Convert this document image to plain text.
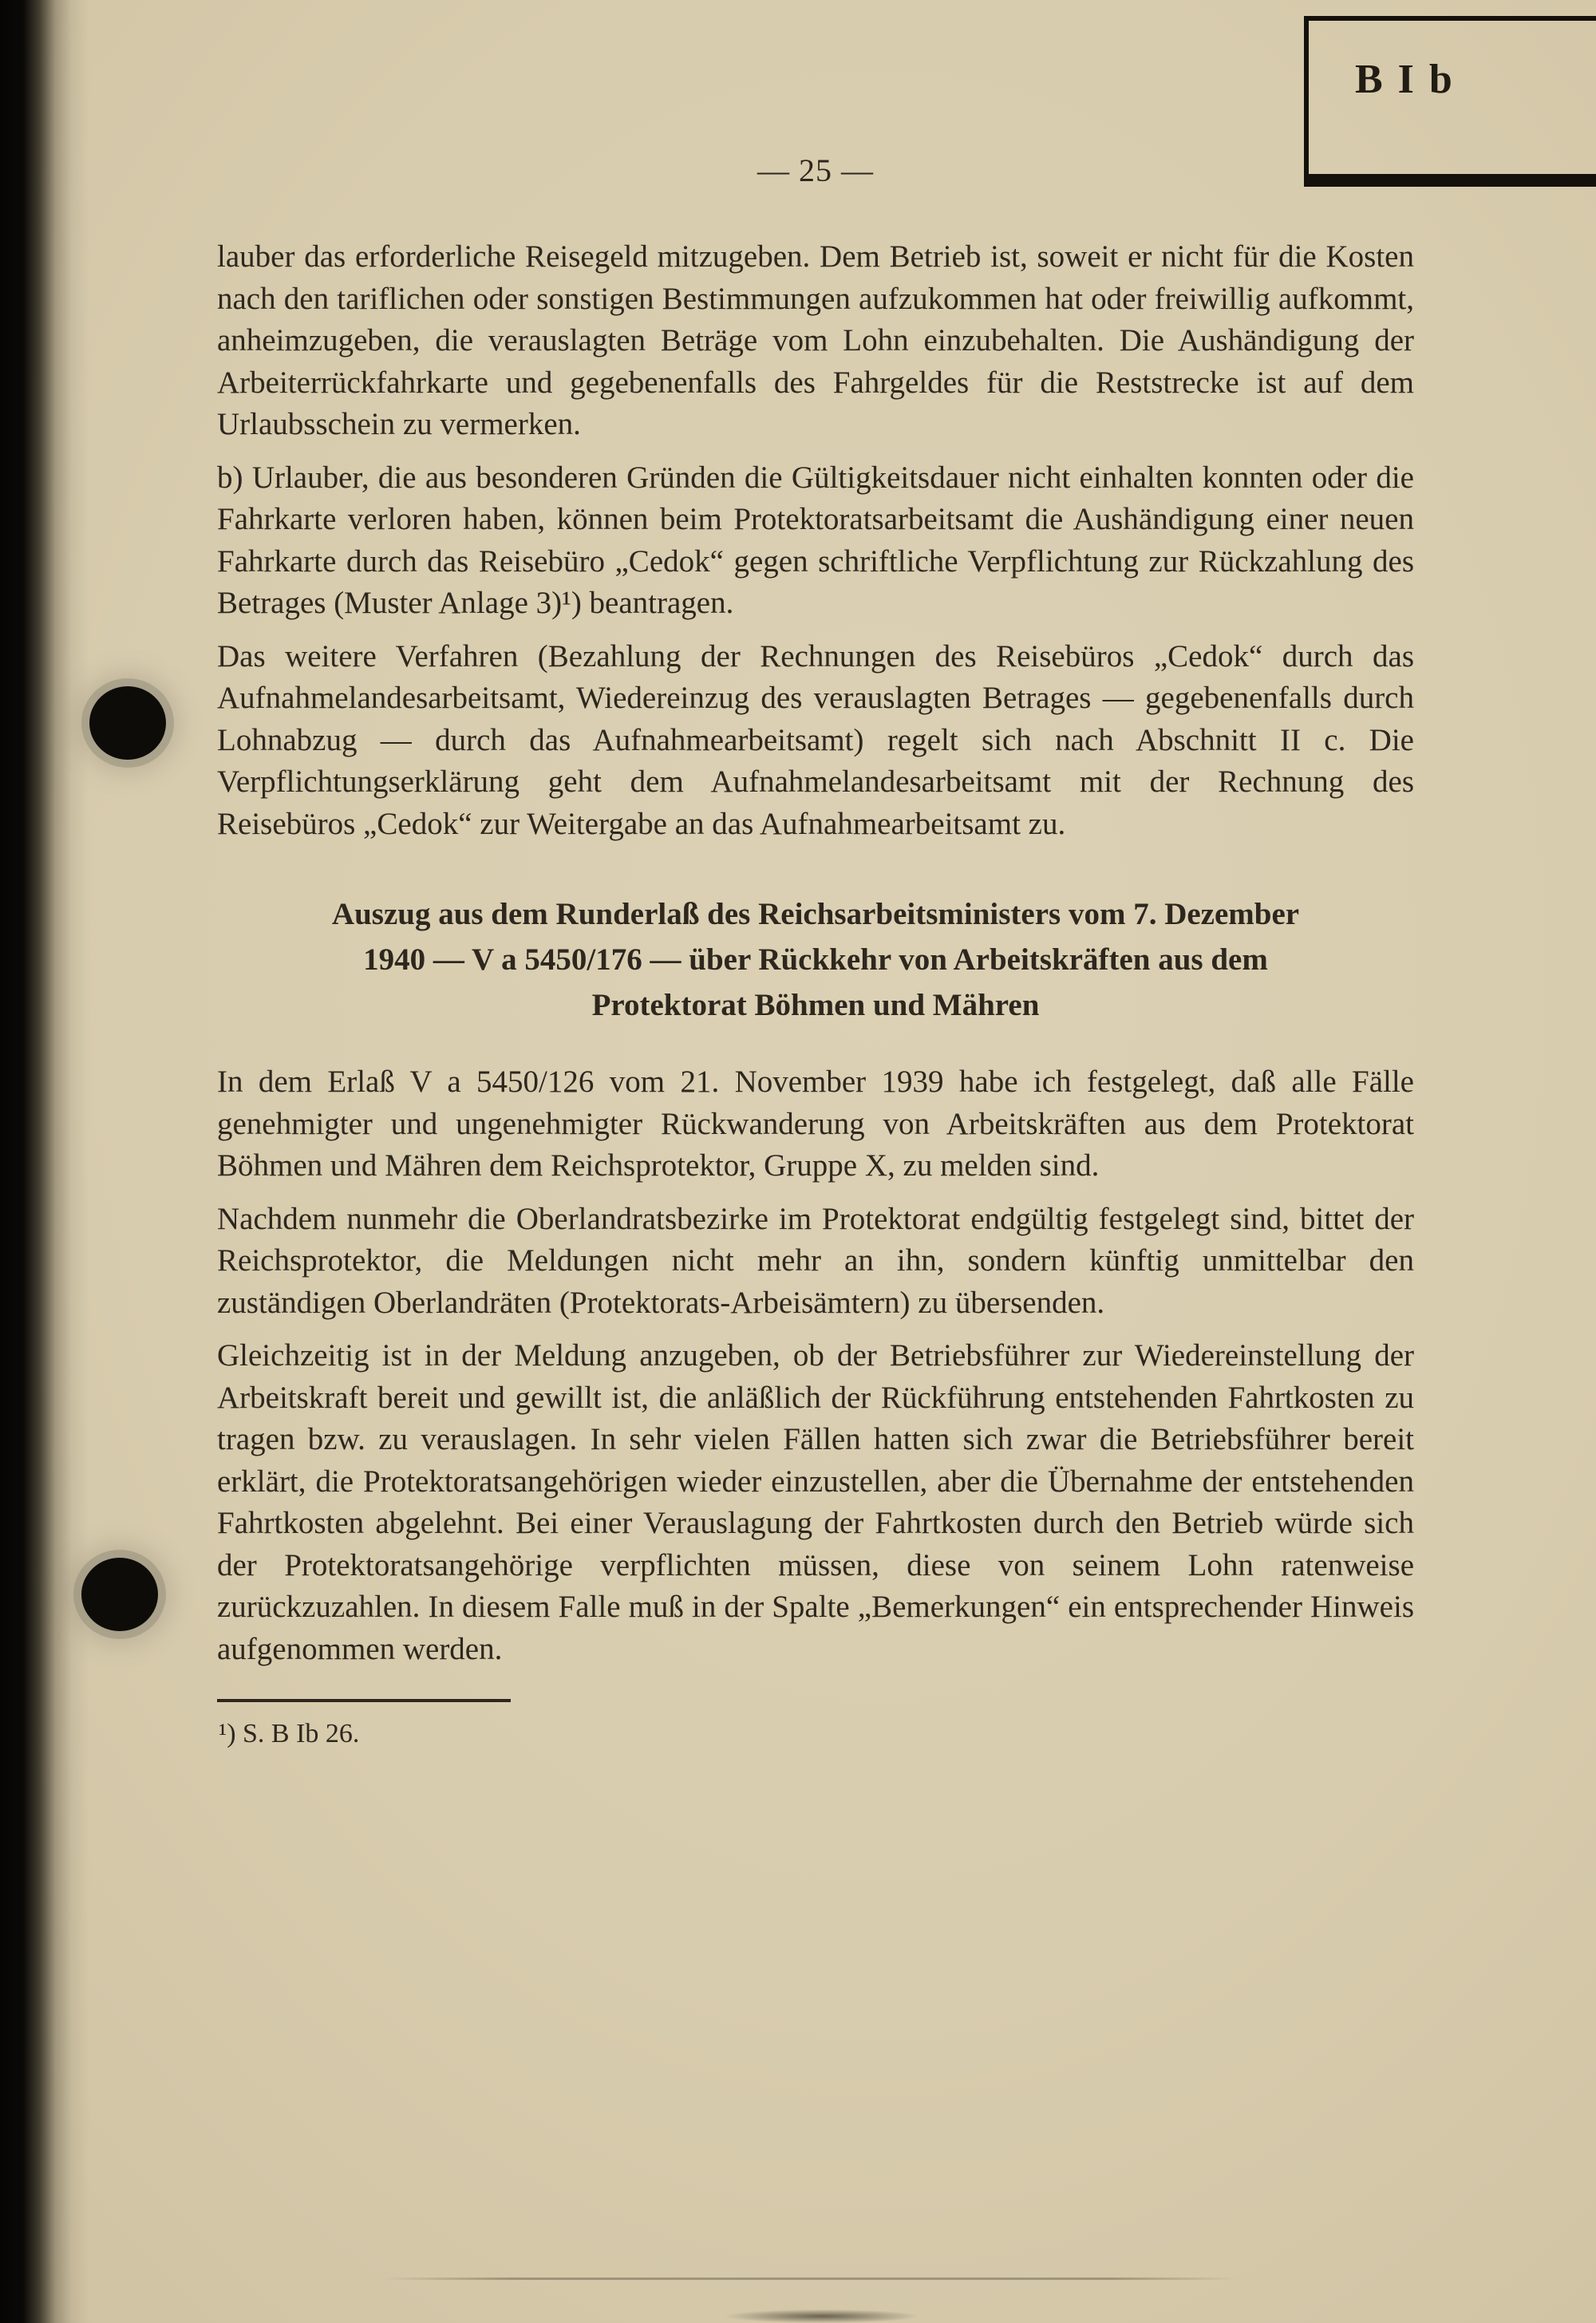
B I b
— 25 —

lauber das erforderliche Reisegeld mitzugeben. Dem Betrieb ist, soweit er nicht für die Kosten nach den tariflichen oder sonstigen Bestimmungen aufzukommen hat oder freiwillig aufkommt, anheimzugeben, die verauslagten Beträge vom Lohn einzubehalten. Die Aushändigung der Arbeiterrückfahrkarte und gegebenenfalls des Fahrgeldes für die Reststrecke ist auf dem Urlaubsschein zu vermerken.

b) Urlauber, die aus besonderen Gründen die Gültigkeitsdauer nicht einhalten konnten oder die Fahrkarte verloren haben, können beim Protektoratsarbeitsamt die Aushändigung einer neuen Fahrkarte durch das Reisebüro „Cedok“ gegen schriftliche Verpflichtung zur Rückzahlung des Betrages (Muster Anlage 3)¹) beantragen.

Das weitere Verfahren (Bezahlung der Rechnungen des Reisebüros „Cedok“ durch das Aufnahmelandesarbeitsamt, Wiedereinzug des verauslagten Betrages — gegebenenfalls durch Lohnabzug — durch das Aufnahmearbeitsamt) regelt sich nach Abschnitt II c. Die Verpflichtungserklärung geht dem Aufnahmelandesarbeitsamt mit der Rechnung des Reisebüros „Cedok“ zur Weitergabe an das Aufnahmearbeitsamt zu.

Auszug aus dem Runderlaß des Reichsarbeitsministers vom 7. Dezember
1940 — V a 5450/176 — über Rückkehr von Arbeitskräften aus dem
Protektorat Böhmen und Mähren

In dem Erlaß V a 5450/126 vom 21. November 1939 habe ich festgelegt, daß alle Fälle genehmigter und ungenehmigter Rückwanderung von Arbeitskräften aus dem Protektorat Böhmen und Mähren dem Reichsprotektor, Gruppe X, zu melden sind.

Nachdem nunmehr die Oberlandratsbezirke im Protektorat endgültig festgelegt sind, bittet der Reichsprotektor, die Meldungen nicht mehr an ihn, sondern künftig unmittelbar den zuständigen Oberlandräten (Protektorats-Arbeisämtern) zu übersenden.

Gleichzeitig ist in der Meldung anzugeben, ob der Betriebsführer zur Wiedereinstellung der Arbeitskraft bereit und gewillt ist, die anläßlich der Rückführung entstehenden Fahrtkosten zu tragen bzw. zu verauslagen. In sehr vielen Fällen hatten sich zwar die Betriebsführer bereit erklärt, die Protektoratsangehörigen wieder einzustellen, aber die Übernahme der entstehenden Fahrtkosten abgelehnt. Bei einer Verauslagung der Fahrtkosten durch den Betrieb würde sich der Protektoratsangehörige verpflichten müssen, diese von seinem Lohn ratenweise zurückzuzahlen. In diesem Falle muß in der Spalte „Bemerkungen“ ein entsprechender Hinweis aufgenommen werden.

¹) S. B Ib 26.
